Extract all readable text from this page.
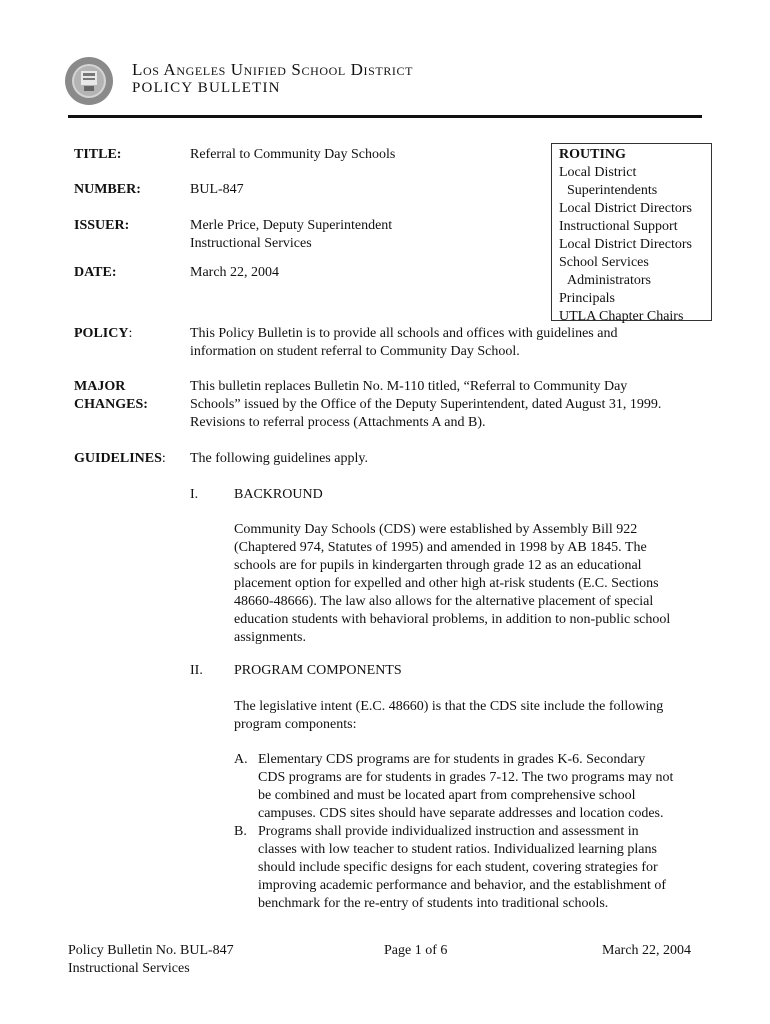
Los Angeles Unified School District
POLICY BULLETIN
TITLE:	Referral to Community Day Schools
NUMBER:	BUL-847
ISSUER:	Merle Price, Deputy Superintendent
Instructional Services
DATE:	March 22, 2004
ROUTING
Local District
Superintendents
Local District Directors
Instructional Support
Local District Directors
School Services
Administrators
Principals
UTLA Chapter Chairs
POLICY:	This Policy Bulletin is to provide all schools and offices with guidelines and
information on student referral to Community Day School.
MAJOR
CHANGES:
This bulletin replaces Bulletin No. M-110 titled, “Referral to Community Day
Schools” issued by the Office of the Deputy Superintendent, dated August 31, 1999.
Revisions to referral process (Attachments A and B).
GUIDELINES: The following guidelines apply.
I.	BACKROUND
Community Day Schools (CDS) were established by Assembly Bill 922
(Chaptered 974, Statutes of 1995) and amended in 1998 by AB 1845. The
schools are for pupils in kindergarten through grade 12 as an educational
placement option for expelled and other high at-risk students (E.C. Sections
48660-48666). The law also allows for the alternative placement of special
education students with behavioral problems, in addition to non-public school
assignments.
II. PROGRAM COMPONENTS
The legislative intent (E.C. 48660) is that the CDS site include the following
program components:
A. Elementary CDS programs are for students in grades K-6. Secondary
CDS programs are for students in grades 7-12. The two programs may not
be combined and must be located apart from comprehensive school
campuses. CDS sites should have separate addresses and location codes.
B. Programs shall provide individualized instruction and assessment in
classes with low teacher to student ratios. Individualized learning plans
should include specific designs for each student, covering strategies for
improving academic performance and behavior, and the establishment of
benchmark for the re-entry of students into traditional schools.
Policy Bulletin No. BUL-847
Instructional Services
Page 1 of 6	March 22, 2004
